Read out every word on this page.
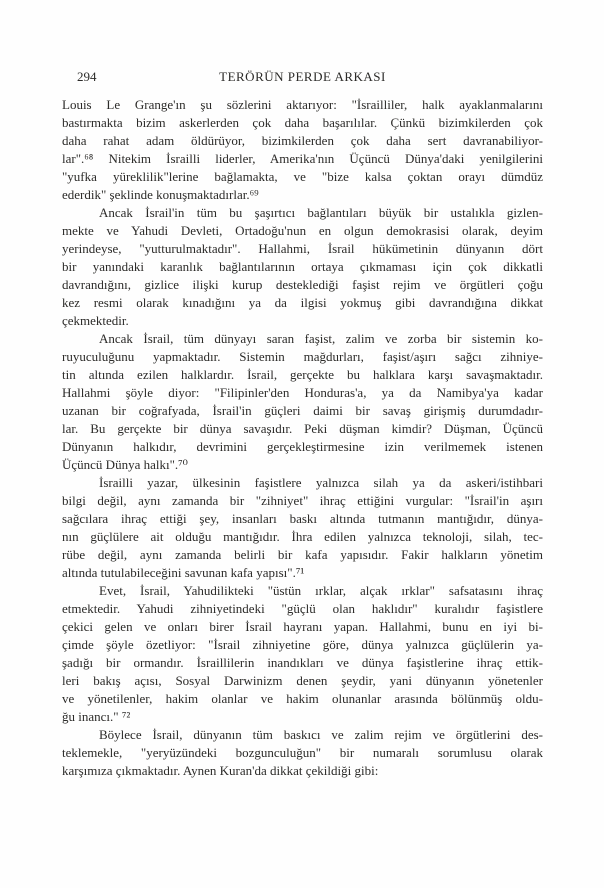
294	TERÖRÜN PERDE ARKASI
Louis Le Grange'ın şu sözlerini aktarıyor: "İsrailliler, halk ayaklanmalarını
bastırmakta bizim askerlerden çok daha başarılılar. Çünkü bizimkilerden çok
daha rahat adam öldürüyor, bizimkilerden çok daha sert davranabiliyor-
lar".⁶⁸ Nitekim İsrailli liderler, Amerika'nın Üçüncü Dünya'daki yenilgilerini
"yufka yüreklilik"lerine bağlamakta, ve "bize kalsa çoktan orayı dümdüz
ederdik" şeklinde konuşmaktadırlar.⁶⁹
Ancak İsrail'in tüm bu şaşırtıcı bağlantıları büyük bir ustalıkla gizlen-
mekte ve Yahudi Devleti, Ortadoğu'nun en olgun demokrasisi olarak, deyim
yerindeyse, "yutturulmaktadır". Hallahmi, İsrail hükümetinin dünyanın dört
bir yanındaki karanlık bağlantılarının ortaya çıkmaması için çok dikkatli
davrandığını, gizlice ilişki kurup desteklediği faşist rejim ve örgütleri çoğu
kez resmi olarak kınadığını ya da ilgisi yokmuş gibi davrandığına dikkat
çekmektedir.
Ancak İsrail, tüm dünyayı saran faşist, zalim ve zorba bir sistemin ko-
ruyuculuğunu yapmaktadır. Sistemin mağdurları, faşist/aşırı sağcı zihniye-
tin altında ezilen halklardır. İsrail, gerçekte bu halklara karşı savaşmaktadır.
Hallahmi şöyle diyor: "Filipinler'den Honduras'a, ya da Namibya'ya kadar
uzanan bir coğrafyada, İsrail'in güçleri daimi bir savaş girişmiş durumdadır-
lar. Bu gerçekte bir dünya savaşıdır. Peki düşman kimdir? Düşman, Üçüncü
Dünyanın halkıdır, devrimini gerçekleştirmesine izin verilmemek istenen
Üçüncü Dünya halkı".⁷⁰
İsrailli yazar, ülkesinin faşistlere yalnızca silah ya da askeri/istihbari
bilgi değil, aynı zamanda bir "zihniyet" ihraç ettiğini vurgular: "İsrail'in aşırı
sağcılara ihraç ettiği şey, insanları baskı altında tutmanın mantığıdır, dünya-
nın güçlülere ait olduğu mantığıdır. İhra edilen yalnızca teknoloji, silah, tec-
rübe değil, aynı zamanda belirli bir kafa yapısıdır. Fakir halkların yönetim
altında tutulabileceğini savunan kafa yapısı".⁷¹
Evet, İsrail, Yahudilikteki "üstün ırklar, alçak ırklar" safsatasını ihraç
etmektedir. Yahudi zihniyetindeki "güçlü olan haklıdır" kuralıdır faşistlere
çekici gelen ve onları birer İsrail hayranı yapan. Hallahmi, bunu en iyi bi-
çimde şöyle özetliyor: "İsrail zihniyetine göre, dünya yalnızca güçlülerin ya-
şadığı bir ormandır. İsraillilerin inandıkları ve dünya faşistlerine ihraç ettik-
leri bakış açısı, Sosyal Darwinizm denen şeydir, yani dünyanın yönetenler
ve yönetilenler, hakim olanlar ve hakim olunanlar arasında bölünmüş oldu-
ğu inancı." ⁷²
Böylece İsrail, dünyanın tüm baskıcı ve zalim rejim ve örgütlerini des-
teklemekle, "yeryüzündeki bozgunculuğun" bir numaralı sorumlusu olarak
karşımıza çıkmaktadır. Aynen Kuran'da dikkat çekildiği gibi:
